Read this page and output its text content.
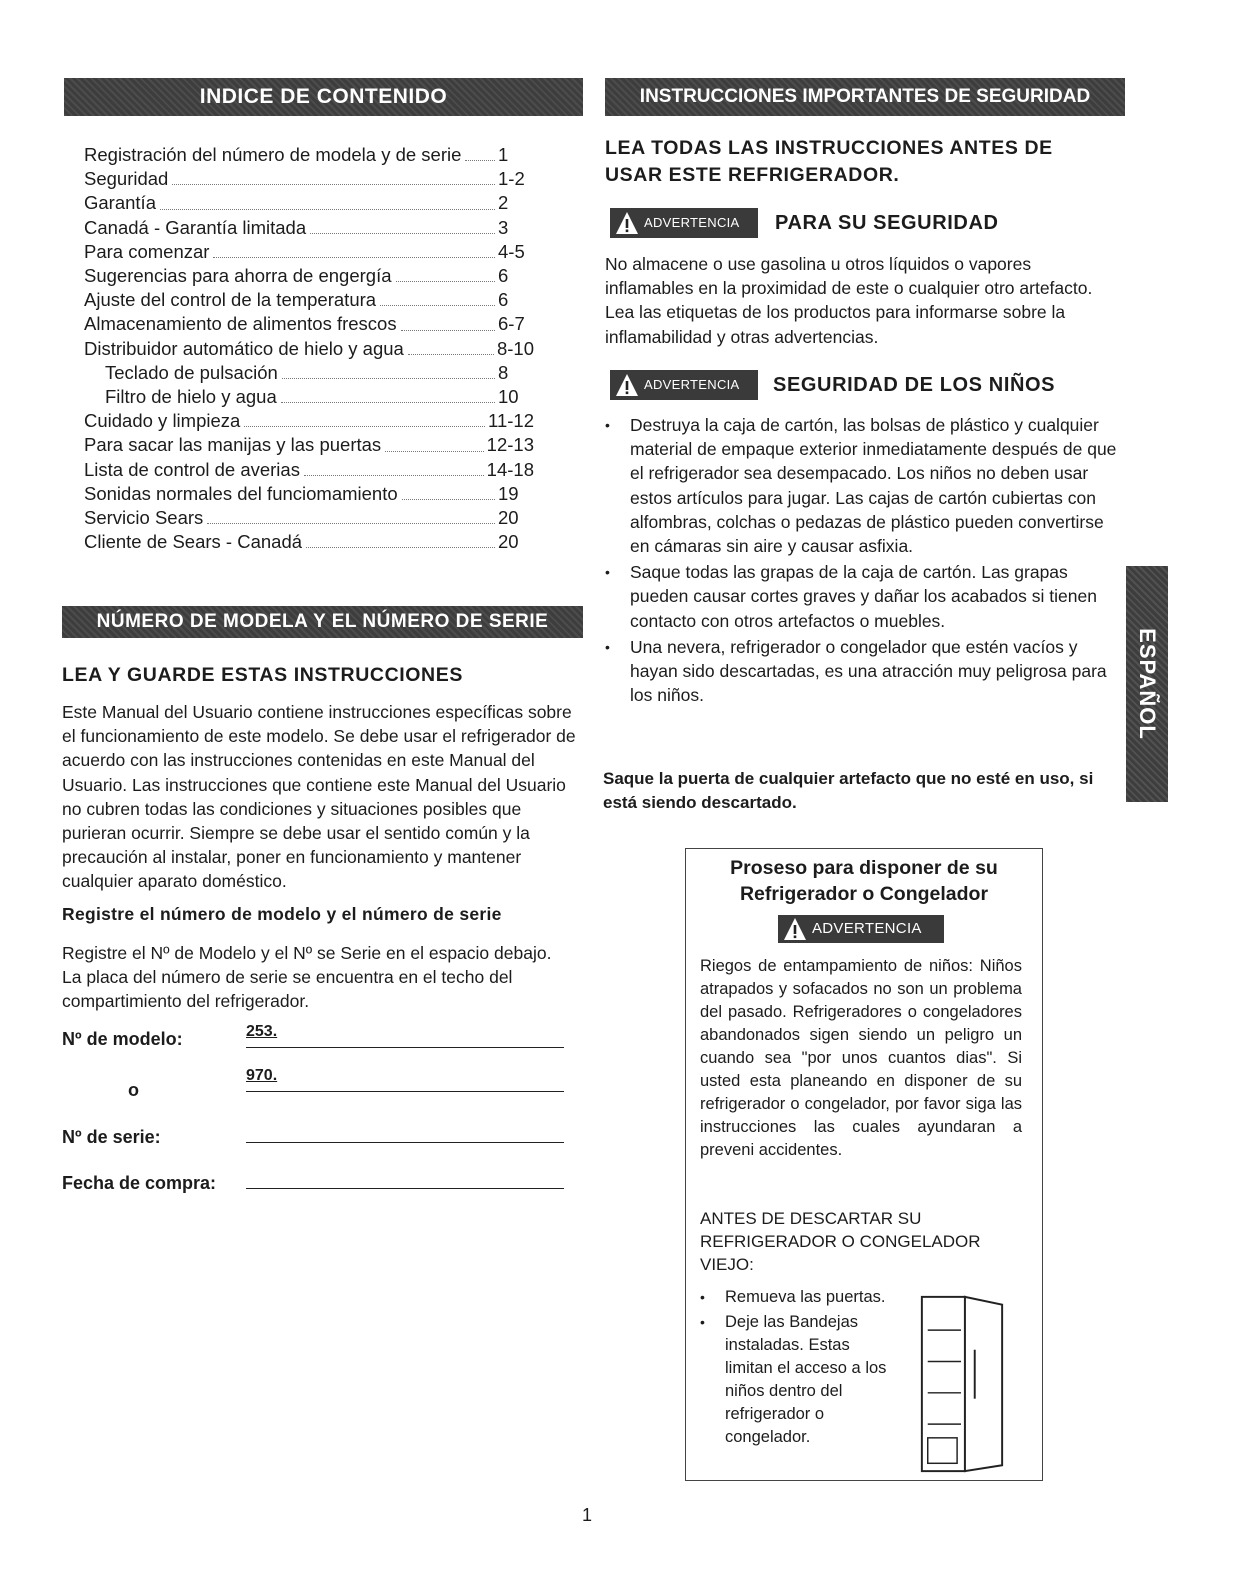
INDICE DE CONTENIDO
Registración del número de modela y de serie 1
Seguridad	1-2
Garantía	2
Canadá - Garantía limitada	3
Para comenzar	4-5
Sugerencias para ahorra de engergía	6
Ajuste del control de la temperatura	6
Almacenamiento de alimentos frescos	6-7
Distribuidor automático de hielo y agua	8-10
Teclado de pulsación	8
Filtro de hielo y agua	10
Cuidado y limpieza	11-12
Para sacar las manijas y las puertas	12-13
Lista de control de averias	14-18
Sonidas normales del funciomamiento	19
Servicio Sears	20
Cliente de Sears - Canadá	20
NÚMERO DE MODELA Y EL NÚMERO DE SERIE
LEA Y GUARDE ESTAS INSTRUCCIONES

Este Manual del Usuario contiene instrucciones específicas sobre el funcionamiento de este modelo. Se debe usar el refrigerador de acuerdo con las instrucciones contenidas en este Manual del Usuario. Las instrucciones que contiene este Manual del Usuario no cubren todas las condiciones y situaciones posibles que purieran ocurrir. Siempre se debe usar el sentido común y la precaución al instalar, poner en funcionamiento y mantener cualquier aparato doméstico.

Registre el número de modelo y el número de serie

Registre el Nº de Modelo y el Nº se Serie en el espacio debajo. La placa del número de serie se encuentra en el techo del compartimiento del refrigerador.

Nº de modelo:	253.
o
970.
Nº de serie:
Fecha de compra:
INSTRUCCIONES IMPORTANTES DE SEGURIDAD
LEA TODAS LAS INSTRUCCIONES ANTES DE USAR ESTE REFRIGERADOR.
ADVERTENCIA	PARA SU SEGURIDAD

No almacene o use gasolina u otros líquidos o vapores inflamables en la proximidad de este o cualquier otro artefacto. Lea las etiquetas de los productos para informarse sobre la inflamabilidad y otras advertencias.

ADVERTENCIA	SEGURIDAD DE LOS NIÑOS
• Destruya la caja de cartón, las bolsas de plástico y cualquier material de empaque exterior inmediatamente después de que el refrigerador sea desempacado. Los niños no deben usar estos artículos para jugar. Las cajas de cartón cubiertas con alfombras, colchas o pedazas de plástico pueden convertirse en cámaras sin aire y causar asfixia.
• Saque todas las grapas de la caja de cartón. Las grapas pueden causar cortes graves y dañar los acabados si tienen contacto con otros artefactos o muebles.
• Una nevera, refrigerador o congelador que estén vacíos y hayan sido descartadas, es una atracción muy peligrosa para los niños.

Saque la puerta de cualquier artefacto que no esté en uso, si está siendo descartado.

Proseso para disponer de su
Refrigerador o Congelador
ADVERTENCIA

Riegos de entampamiento de niños: Niños atrapados y sofacados no son un problema del pasado. Refrigeradores o congeladores abandonados sigen siendo un peligro un cuando sea "por unos cuantos dias". Si usted esta planeando en disponer de su refrigerador o congelador, por favor siga las instrucciones las cuales ayundaran a preveni accidentes.

ANTES DE DESCARTAR SU REFRIGERADOR O CONGELADOR VIEJO:

• Remueva las puertas.
• Deje las Bandejas instaladas. Estas limitan el acceso a los niños dentro del refrigerador o congelador.
ESPAÑOL
1
